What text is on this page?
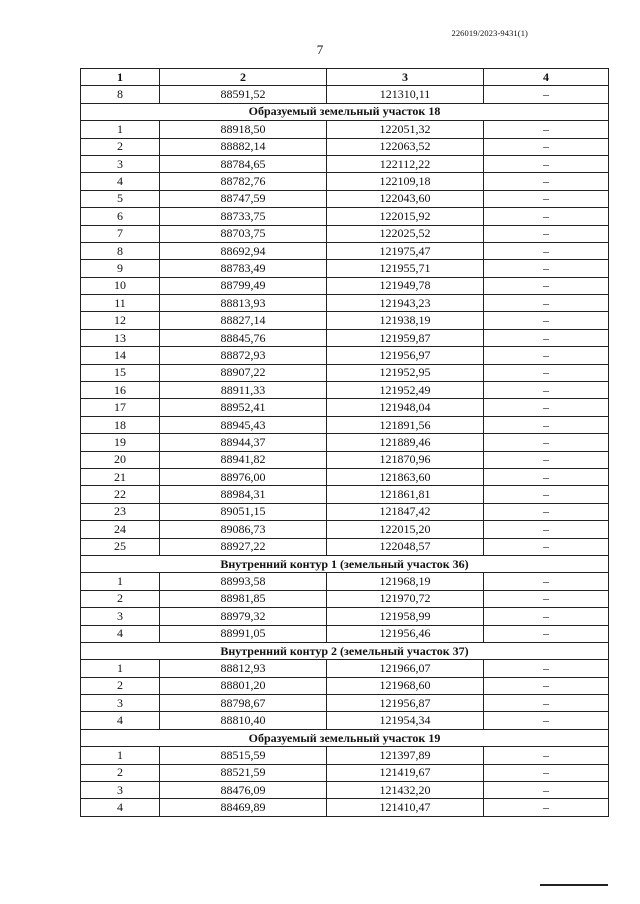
226019/2023-9431(1)
7
1	2	3	4
8	88591,52	121310,11	–
Образуемый земельный участок 18			
1	88918,50	122051,32	–
2	88882,14	122063,52	–
3	88784,65	122112,22	–
4	88782,76	122109,18	–
5	88747,59	122043,60	–
6	88733,75	122015,92	–
7	88703,75	122025,52	–
8	88692,94	121975,47	–
9	88783,49	121955,71	–
10	88799,49	121949,78	–
11	88813,93	121943,23	–
12	88827,14	121938,19	–
13	88845,76	121959,87	–
14	88872,93	121956,97	–
15	88907,22	121952,95	–
16	88911,33	121952,49	–
17	88952,41	121948,04	–
18	88945,43	121891,56	–
19	88944,37	121889,46	–
20	88941,82	121870,96	–
21	88976,00	121863,60	–
22	88984,31	121861,81	–
23	89051,15	121847,42	–
24	89086,73	122015,20	–
25	88927,22	122048,57	–
Внутренний контур 1 (земельный участок 36)			
1	88993,58	121968,19	–
2	88981,85	121970,72	–
3	88979,32	121958,99	–
4	88991,05	121956,46	–
Внутренний контур 2 (земельный участок 37)			
1	88812,93	121966,07	–
2	88801,20	121968,60	–
3	88798,67	121956,87	–
4	88810,40	121954,34	–
Образуемый земельный участок 19			
1	88515,59	121397,89	–
2	88521,59	121419,67	–
3	88476,09	121432,20	–
4	88469,89	121410,47	–
